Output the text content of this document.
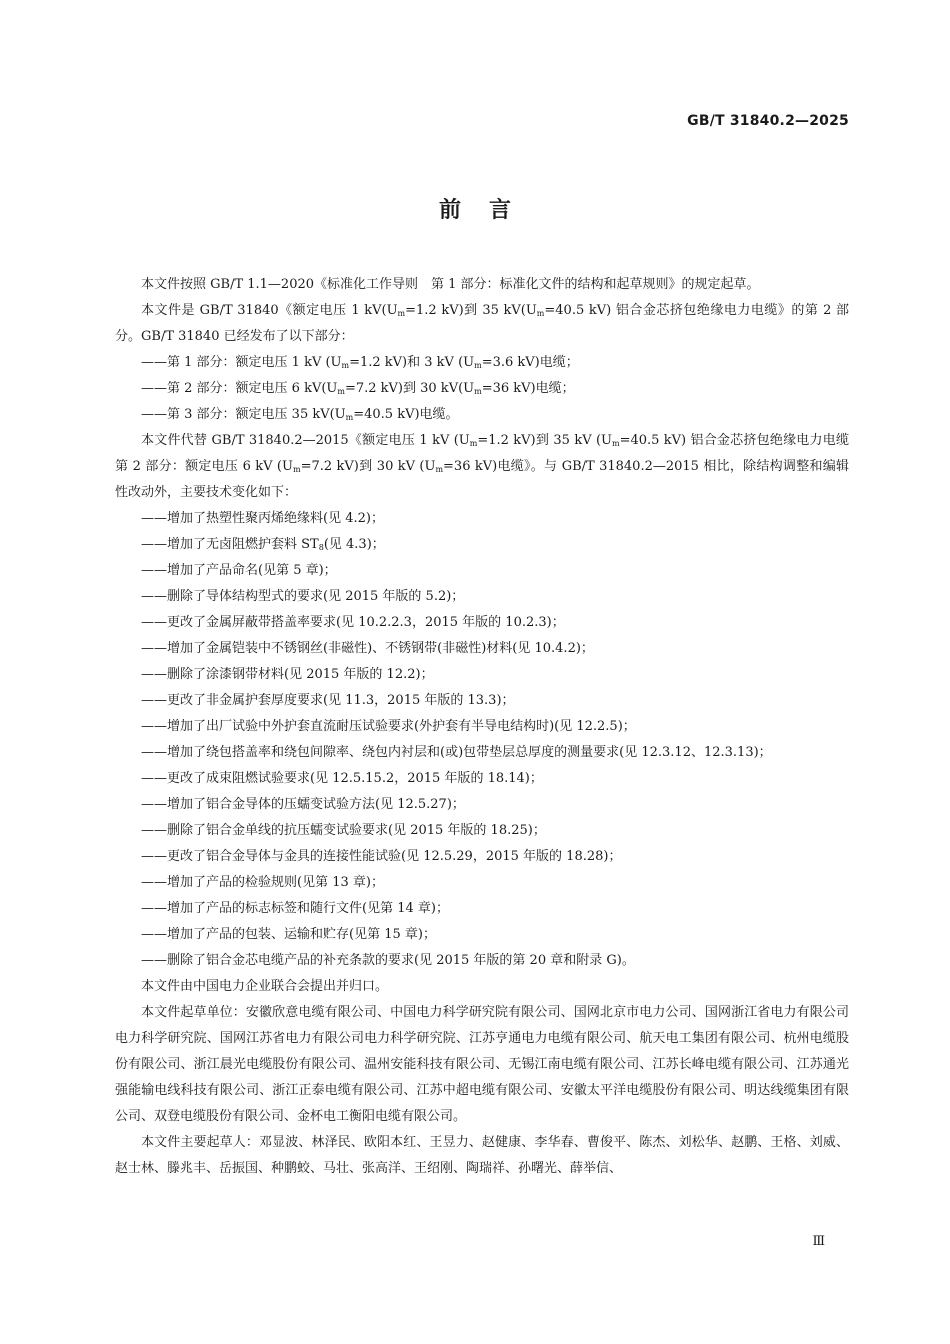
GB/T 31840.2—2025
前言

本文件按照 GB/T 1.1—2020《标准化工作导则　第 1 部分：标准化文件的结构和起草规则》的规定起草。

本文件是 GB/T 31840《额定电压 1 $kV(U_m=1.2$ kV)到 35 $kV(U_m=40.5$ kV) 铝合金芯挤包绝缘电力电缆》的第 2 部分。GB/T 31840 已经发布了以下部分：

——第 1 部分：额定电压 1 kV ($U_m=1.2$ kV)和 3 kV ($U_m=3.6$ kV)电缆；

——第 2 部分：额定电压 6 $kV(U_m=7.2$ kV)到 30 $kV(U_m=36$ kV)电缆；

——第 3 部分：额定电压 35 $kV(U_m=40.5$ kV)电缆。

本文件代替 GB/T 31840.2—2015《额定电压 1 kV ($U_m=1.2$ kV)到 35 kV ($U_m=40.5$ kV) 铝合金芯挤包绝缘电力电缆　第 2 部分：额定电压 6 kV ($U_m=7.2$ kV)到 30 kV ($U_m=36$ kV)电缆》。与 GB/T 31840.2—2015 相比，除结构调整和编辑性改动外，主要技术变化如下：

——增加了热塑性聚丙烯绝缘料(见 4.2)；

——增加了无卤阻燃护套料 $ST_8$(见 4.3)；

——增加了产品命名(见第 5 章)；

——删除了导体结构型式的要求(见 2015 年版的 5.2)；

——更改了金属屏蔽带搭盖率要求(见 10.2.2.3，2015 年版的 10.2.3)；

——增加了金属铠装中不锈钢丝(非磁性)、不锈钢带(非磁性)材料(见 10.4.2)；

——删除了涂漆钢带材料(见 2015 年版的 12.2)；

——更改了非金属护套厚度要求(见 11.3，2015 年版的 13.3)；

——增加了出厂试验中外护套直流耐压试验要求(外护套有半导电结构时)(见 12.2.5)；

——增加了绕包搭盖率和绕包间隙率、绕包内衬层和(或)包带垫层总厚度的测量要求(见 12.3.12、12.3.13)；

——更改了成束阻燃试验要求(见 12.5.15.2，2015 年版的 18.14)；

——增加了铝合金导体的压蠕变试验方法(见 12.5.27)；

——删除了铝合金单线的抗压蠕变试验要求(见 2015 年版的 18.25)；

——更改了铝合金导体与金具的连接性能试验(见 12.5.29，2015 年版的 18.28)；

——增加了产品的检验规则(见第 13 章)；

——增加了产品的标志标签和随行文件(见第 14 章)；

——增加了产品的包装、运输和贮存(见第 15 章)；

——删除了铝合金芯电缆产品的补充条款的要求(见 2015 年版的第 20 章和附录 G)。

本文件由中国电力企业联合会提出并归口。

本文件起草单位：安徽欣意电缆有限公司、中国电力科学研究院有限公司、国网北京市电力公司、国网浙江省电力有限公司电力科学研究院、国网江苏省电力有限公司电力科学研究院、江苏亨通电力电缆有限公司、航天电工集团有限公司、杭州电缆股份有限公司、浙江晨光电缆股份有限公司、温州安能科技有限公司、无锡江南电缆有限公司、江苏长峰电缆有限公司、江苏通光强能输电线科技有限公司、浙江正泰电缆有限公司、江苏中超电缆有限公司、安徽太平洋电缆股份有限公司、明达线缆集团有限公司、双登电缆股份有限公司、金杯电工衡阳电缆有限公司。

本文件主要起草人：邓显波、林泽民、欧阳本红、王昱力、赵健康、李华春、曹俊平、陈杰、刘松华、赵鹏、王格、刘威、赵士林、滕兆丰、岳振国、种鹏蛟、马壮、张高洋、王绍刚、陶瑞祥、孙曙光、薛举信、

Ⅲ
